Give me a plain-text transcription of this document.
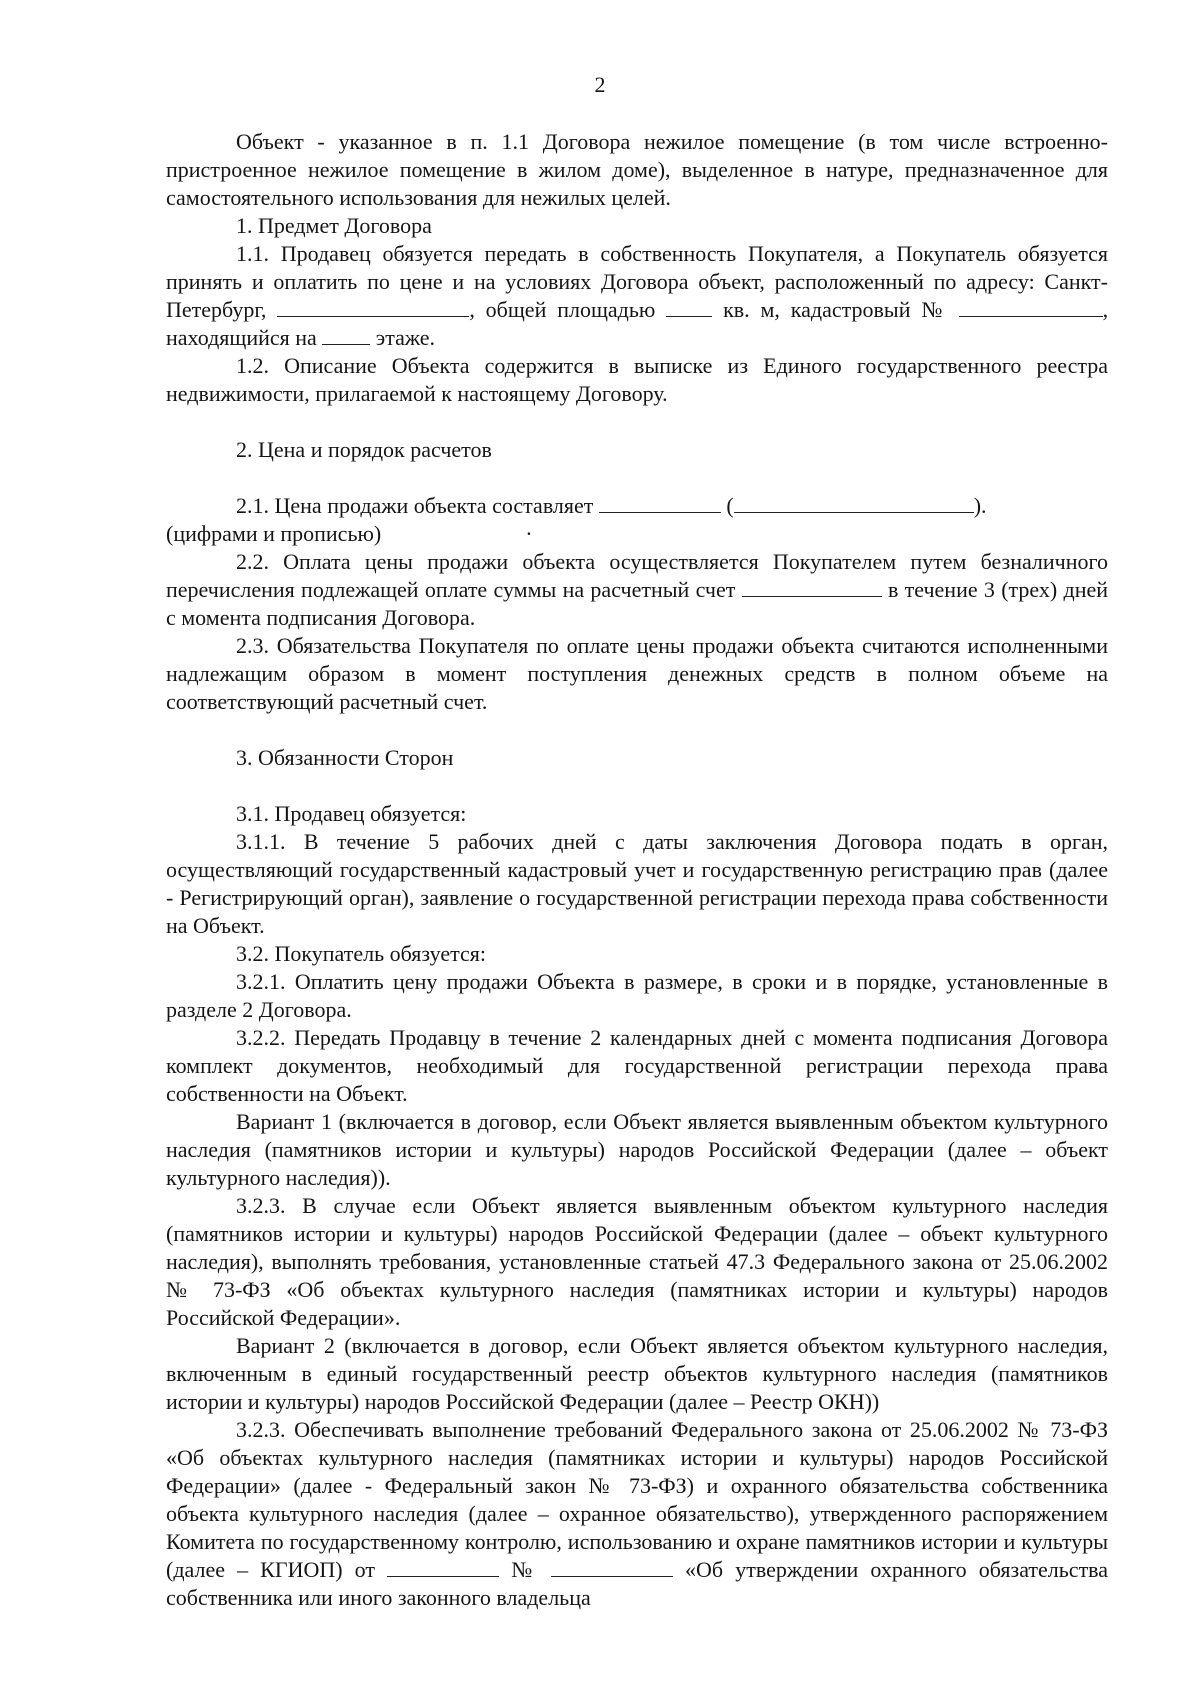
2

Объект - указанное в п. 1.1 Договора нежилое помещение (в том числе встроенно-пристроенное нежилое помещение в жилом доме), выделенное в натуре, предназначенное для самостоятельного использования для нежилых целей.

1. Предмет Договора

1.1. Продавец обязуется передать в собственность Покупателя, а Покупатель обязуется принять и оплатить по цене и на условиях Договора объект, расположенный по адресу: Санкт-Петербург,	, общей площадью	кв. м, кадастровый №	, находящийся на	этаже.

1.2. Описание Объекта содержится в выписке из Единого государственного реестра недвижимости, прилагаемой к настоящему Договору.

2. Цена и порядок расчетов

2.1. Цена продажи объекта составляет	(	).

(цифрами и прописью)	·

2.2. Оплата цены продажи объекта осуществляется Покупателем путем безналичного перечисления подлежащей оплате суммы на расчетный счет	в течение 3 (трех) дней с момента подписания Договора.

2.3. Обязательства Покупателя по оплате цены продажи объекта считаются исполненными надлежащим образом в момент поступления денежных средств в полном объеме на соответствующий расчетный счет.

3. Обязанности Сторон

3.1. Продавец обязуется:

3.1.1. В течение 5 рабочих дней с даты заключения Договора подать в орган, осуществляющий государственный кадастровый учет и государственную регистрацию прав (далее - Регистрирующий орган), заявление о государственной регистрации перехода права собственности на Объект.

3.2. Покупатель обязуется:

3.2.1. Оплатить цену продажи Объекта в размере, в сроки и в порядке, установленные в разделе 2 Договора.

3.2.2. Передать Продавцу в течение 2 календарных дней с момента подписания Договора комплект документов, необходимый для государственной регистрации перехода права собственности на Объект.

Вариант 1 (включается в договор, если Объект является выявленным объектом культурного наследия (памятников истории и культуры) народов Российской Федерации (далее – объект культурного наследия)).

3.2.3. В случае если Объект является выявленным объектом культурного наследия (памятников истории и культуры) народов Российской Федерации (далее – объект культурного наследия), выполнять требования, установленные статьей 47.3 Федерального закона от 25.06.2002 № 73-ФЗ «Об объектах культурного наследия (памятниках истории и культуры) народов Российской Федерации».

Вариант 2 (включается в договор, если Объект является объектом культурного наследия, включенным в единый государственный реестр объектов культурного наследия (памятников истории и культуры) народов Российской Федерации (далее – Реестр ОКН))

3.2.3. Обеспечивать выполнение требований Федерального закона от 25.06.2002 № 73-ФЗ «Об объектах культурного наследия (памятниках истории и культуры) народов Российской Федерации» (далее - Федеральный закон № 73-ФЗ) и охранного обязательства собственника объекта культурного наследия (далее – охранное обязательство), утвержденного распоряжением Комитета по государственному контролю, использованию и охране памятников истории и культуры (далее – КГИОП) от	№	«Об утверждении охранного обязательства собственника или иного законного владельца
